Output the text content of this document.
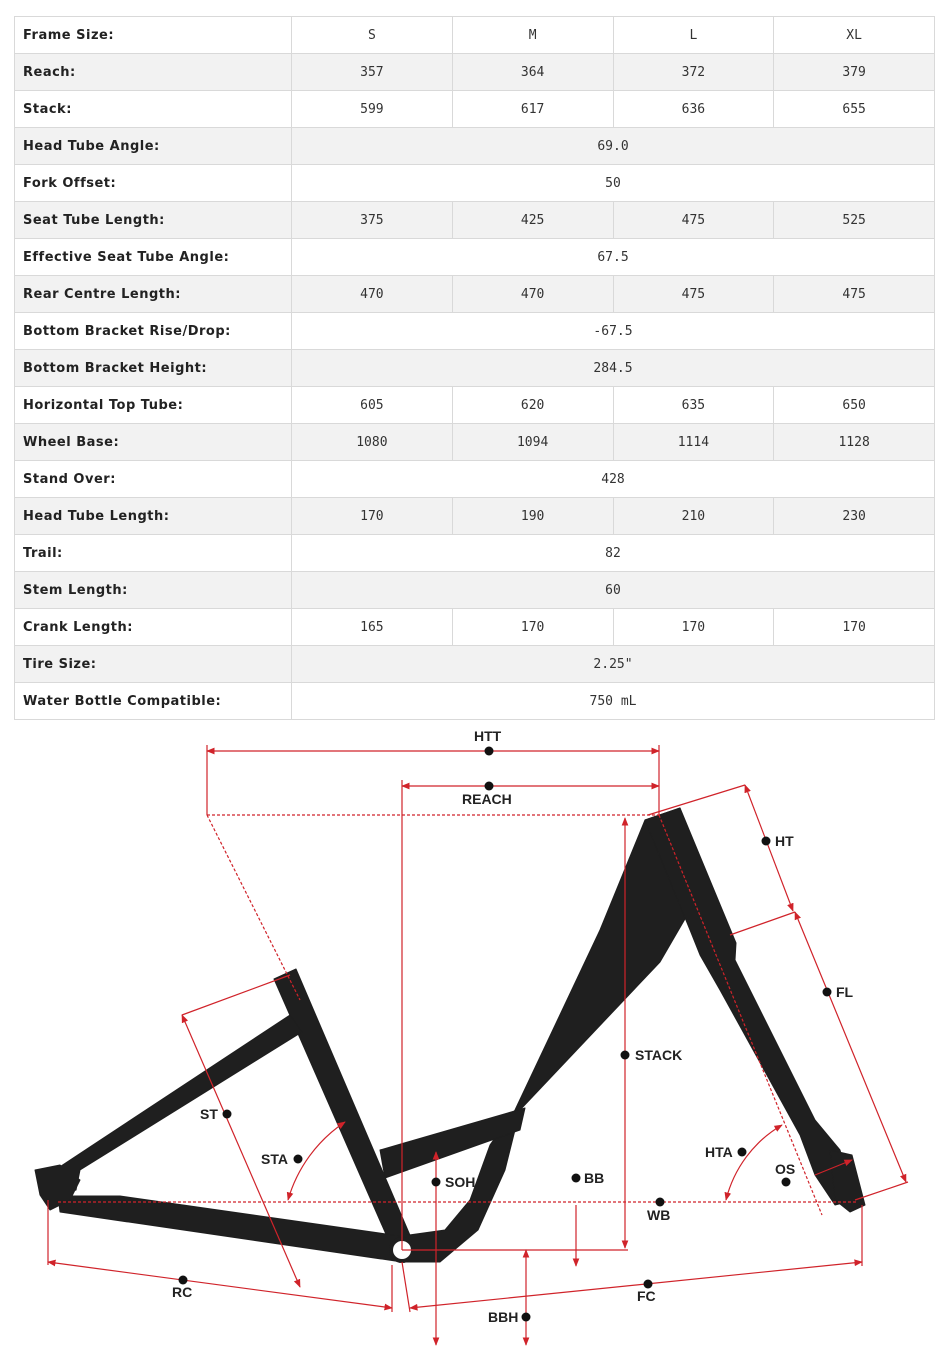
Frame Size:	S	M	L	XL
Reach:	357	364	372	379
Stack:	599	617	636	655
Head Tube Angle:	69.0			
Fork Offset:	50			
Seat Tube Length:	375	425	475	525
Effective Seat Tube Angle:	67.5			
Rear Centre Length:	470	470	475	475
Bottom Bracket Rise/Drop:	-67.5			
Bottom Bracket Height:	284.5			
Horizontal Top Tube:	605	620	635	650
Wheel Base:	1080	1094	1114	1128
Stand Over:	428			
Head Tube Length:	170	190	210	230
Trail:	82			
Stem Length:	60			
Crank Length:	165	170	170	170
Tire Size:	2.25"			
Water Bottle Compatible:	750 mL			
HTT
REACH
HT
FL
STACK
ST
STA
SOH	BB
WB
HTA
OS
RC	FC
BBH
